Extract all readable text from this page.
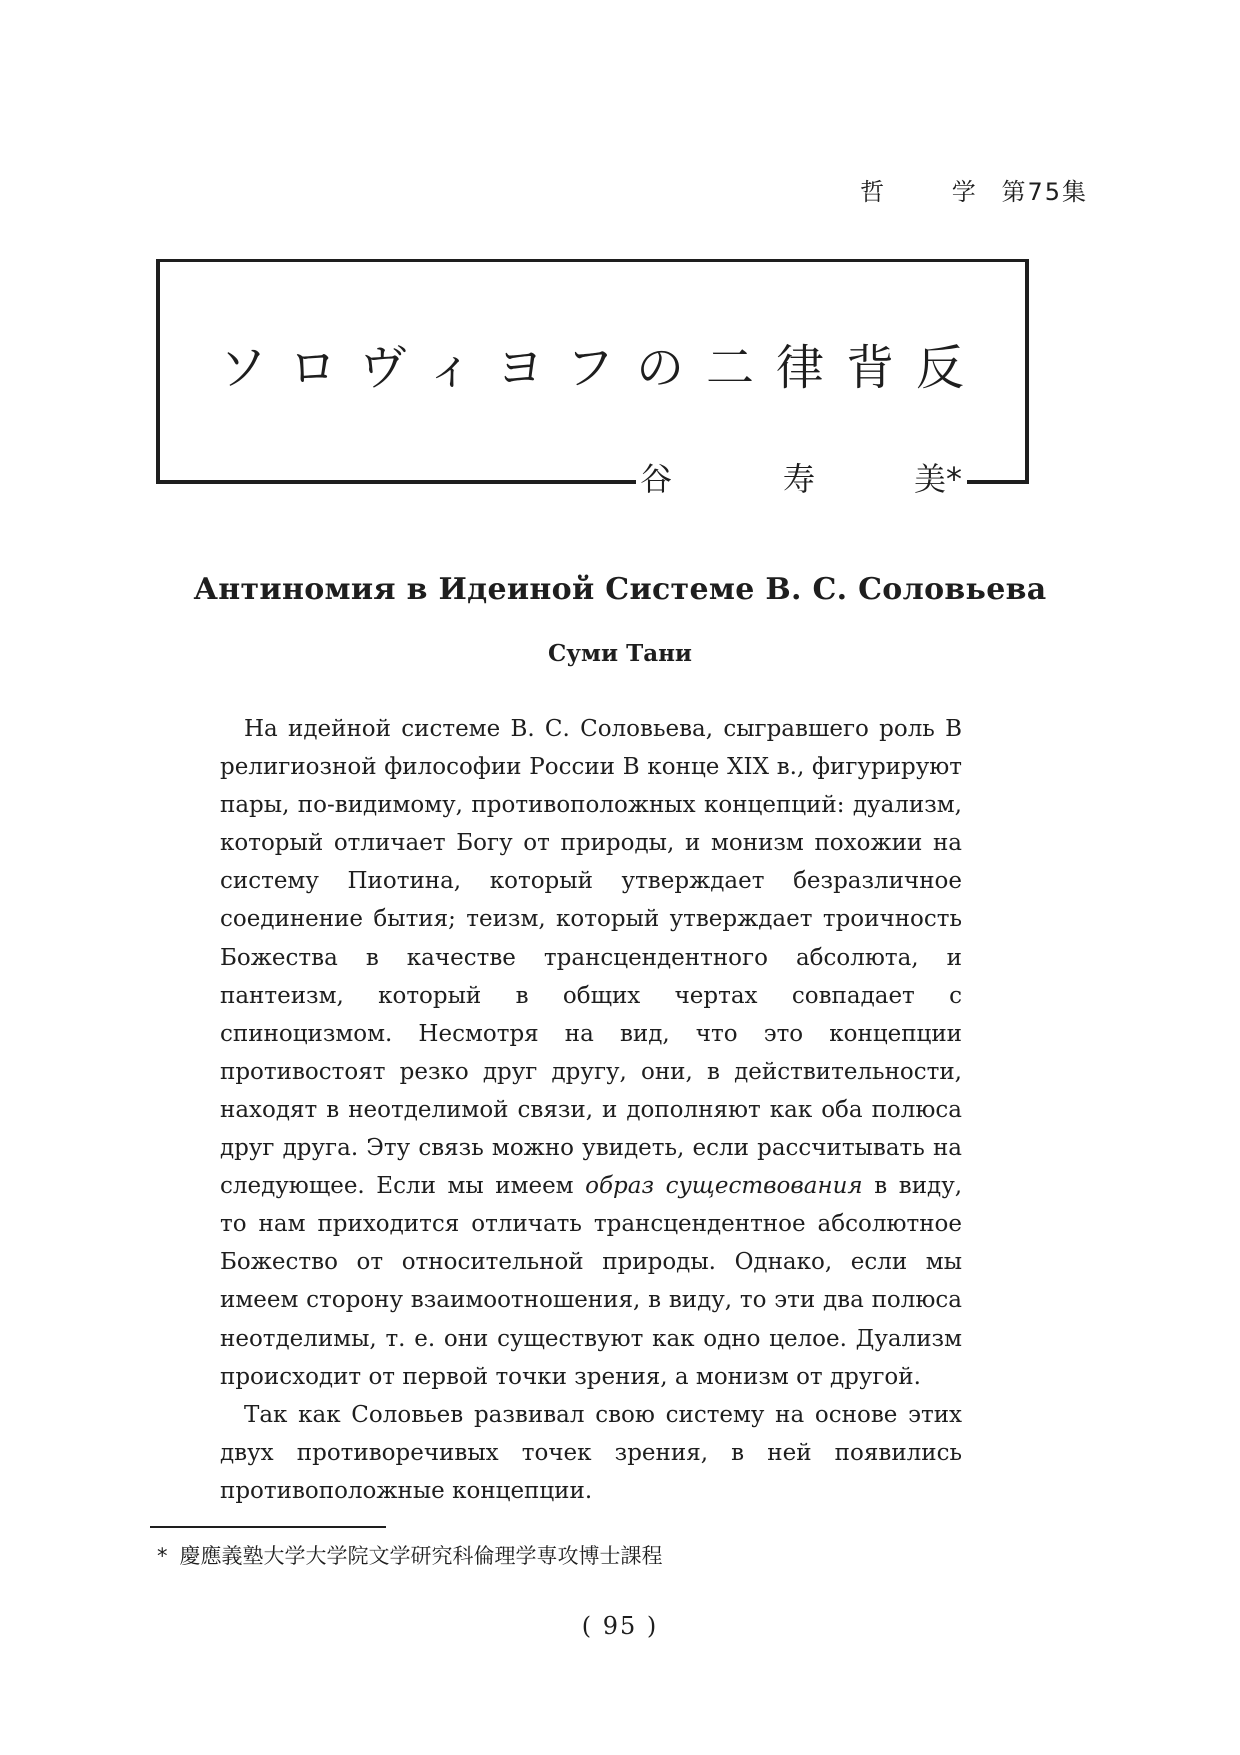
哲 学 第75集
ソロヴィヨフの二律背反
谷	寿	美*
Антиномия в Идеиной Системе В. С. Соловьева
Суми Тани

На идейной системе В. С. Соловьева, сыгравшего роль В религиозной философии России В конце XIX в., фигурируют пары, по-видимому, противоположных концепций: дуализм, который отличает Богу от природы, и монизм похожии на систему Пиотина, который утверждает безразличное соединение бытия; теизм, который утверждает троичность Божества в качестве трансцендентного абсолюта, и пантеизм, который в общих чертах совпадает с спиноцизмом. Несмотря на вид, что это концепции противостоят резко друг другу, они, в действительности, находят в неотделимой связи, и дополняют как оба полюса друг друга. Эту связь можно увидеть, если рассчитывать на следующее. Если мы имеем образ существования в виду, то нам приходится отличать трансцендентное абсолютное Божество от относительной природы. Однако, если мы имеем сторону взаимоотношения, в виду, то эти два полюса неотделимы, т. е. они существуют как одно целое. Дуализм происходит от первой точки зрения, а монизм от другой.

Так как Соловьев развивал свою систему на основе этих двух противоречивых точек зрения, в ней появились противоположные концепции.

* 慶應義塾大学大学院文学研究科倫理学専攻博士課程
( 95 )
